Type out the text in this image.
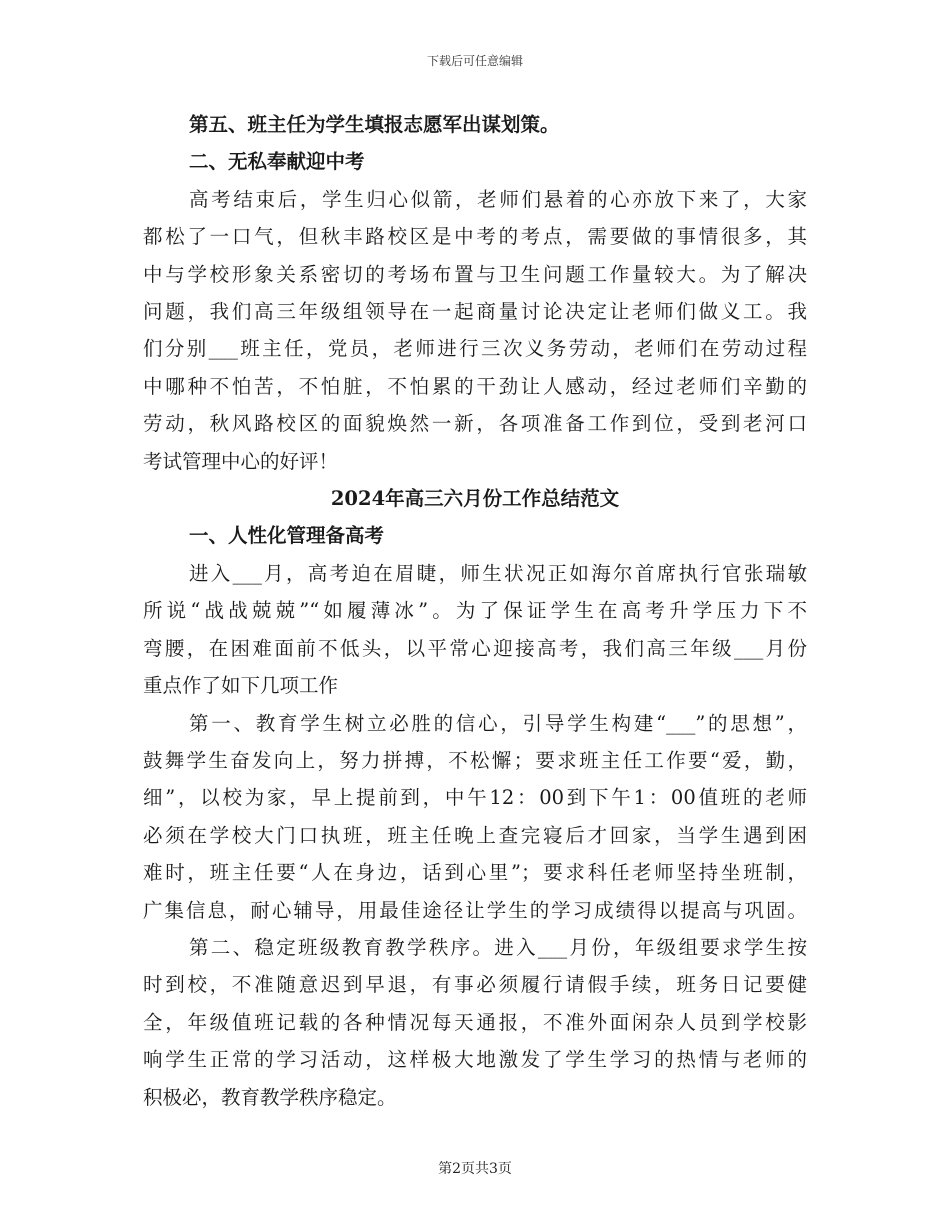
下载后可任意编辑
第五、班主任为学生填报志愿军出谋划策。
二、无私奉献迎中考
高考结束后，学生归心似箭，老师们悬着的心亦放下来了，大家
都松了一口气，但秋丰路校区是中考的考点，需要做的事情很多，其
中与学校形象关系密切的考场布置与卫生问题工作量较大。为了解决
问题，我们高三年级组领导在一起商量讨论决定让老师们做义工。我
们分别___班主任，党员，老师进行三次义务劳动，老师们在劳动过程
中哪种不怕苦，不怕脏，不怕累的干劲让人感动，经过老师们辛勤的
劳动，秋风路校区的面貌焕然一新，各项准备工作到位，受到老河口
考试管理中心的好评！
2024年高三六月份工作总结范文
一、人性化管理备高考
进入___月，高考迫在眉睫，师生状况正如海尔首席执行官张瑞敏
所说“战战兢兢”“如履薄冰”。为了保证学生在高考升学压力下不
弯腰，在困难面前不低头，以平常心迎接高考，我们高三年级___月份
重点作了如下几项工作
第一、教育学生树立必胜的信心，引导学生构建“___”的思想”，
鼓舞学生奋发向上，努力拼搏，不松懈；要求班主任工作要“爱，勤，
细”，以校为家，早上提前到，中午12：00到下午1：00值班的老师
必须在学校大门口执班，班主任晚上查完寝后才回家，当学生遇到困
难时，班主任要“人在身边，话到心里”；要求科任老师坚持坐班制，
广集信息，耐心辅导，用最佳途径让学生的学习成绩得以提高与巩固。
第二、稳定班级教育教学秩序。进入___月份，年级组要求学生按
时到校，不准随意迟到早退，有事必须履行请假手续，班务日记要健
全，年级值班记载的各种情况每天通报，不准外面闲杂人员到学校影
响学生正常的学习活动，这样极大地激发了学生学习的热情与老师的
积极必，教育教学秩序稳定。
第2页共3页
